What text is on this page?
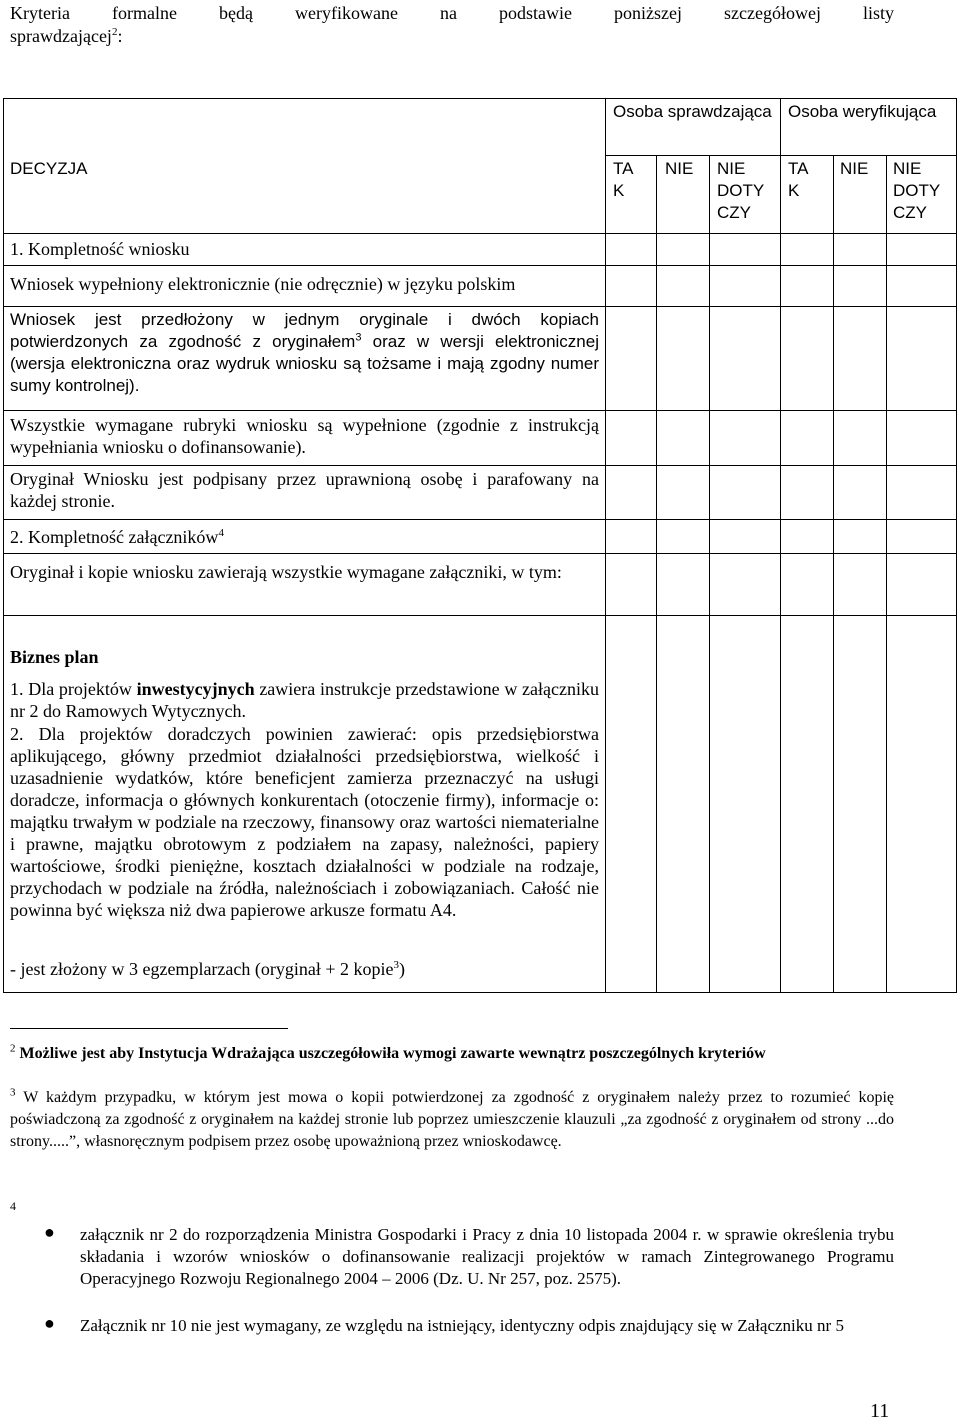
Kryteria formalne będą weryfikowane na podstawie poniższej szczegółowej listy
sprawdzającej$^2$:
Osoba sprawdzająca Osoba weryfikująca
DECYZJA	TA K
NIE NIE DOTY CZY
TA K
NIE NIE DOTY CZY
1. Kompletność wniosku
Wniosek wypełniony elektronicznie (nie odręcznie) w języku polskim
Wniosek jest przedłożony w jednym oryginale i dwóch kopiach potwierdzonych za zgodność z oryginałem$^3$ oraz w wersji elektronicznej (wersja elektroniczna oraz wydruk wniosku są tożsame i mają zgodny numer sumy kontrolnej).
Wszystkie wymagane rubryki wniosku są wypełnione (zgodnie z instrukcją wypełniania wniosku o dofinansowanie).
Oryginał Wniosku jest podpisany przez uprawnioną osobę i parafowany na każdej stronie.
2. Kompletność załączników$^4$
Oryginał i kopie wniosku zawierają wszystkie wymagane załączniki, w tym:
Biznes plan
1. Dla projektów inwestycyjnych zawiera instrukcje przedstawione w załączniku nr 2 do Ramowych Wytycznych.
2. Dla projektów doradczych powinien zawierać: opis przedsiębiorstwa aplikującego, główny przedmiot działalności przedsiębiorstwa, wielkość i uzasadnienie wydatków, które beneficjent zamierza przeznaczyć na usługi doradcze, informacja o głównych konkurentach (otoczenie firmy), informacje o: majątku trwałym w podziale na rzeczowy, finansowy oraz wartości niematerialne i prawne, majątku obrotowym z podziałem na zapasy, należności, papiery wartościowe, środki pieniężne, kosztach działalności w podziale na rodzaje, przychodach w podziale na źródła, należnościach i zobowiązaniach. Całość nie powinna być większa niż dwa papierowe arkusze formatu A4.
- jest złożony w 3 egzemplarzach (oryginał + 2 kopie$^3$)
$^2$ Możliwe jest aby Instytucja Wdrażająca uszczegółowiła wymogi zawarte wewnątrz poszczególnych kryteriów
$^3$ W każdym przypadku, w którym jest mowa o kopii potwierdzonej za zgodność z oryginałem należy przez to rozumieć kopię poświadczoną za zgodność z oryginałem na każdej stronie lub poprzez umieszczenie klauzuli „za zgodność z oryginałem od strony ...do strony.....”, własnoręcznym podpisem przez osobę upoważnioną przez wnioskodawcę.
4
● załącznik nr 2 do rozporządzenia Ministra Gospodarki i Pracy z dnia 10 listopada 2004 r. w sprawie określenia trybu składania i wzorów wniosków o dofinansowanie realizacji projektów w ramach Zintegrowanego Programu Operacyjnego Rozwoju Regionalnego 2004 – 2006 (Dz. U. Nr 257, poz. 2575).
● Załącznik nr 10 nie jest wymagany, ze względu na istniejący, identyczny odpis znajdujący się w Załączniku nr 5
11
